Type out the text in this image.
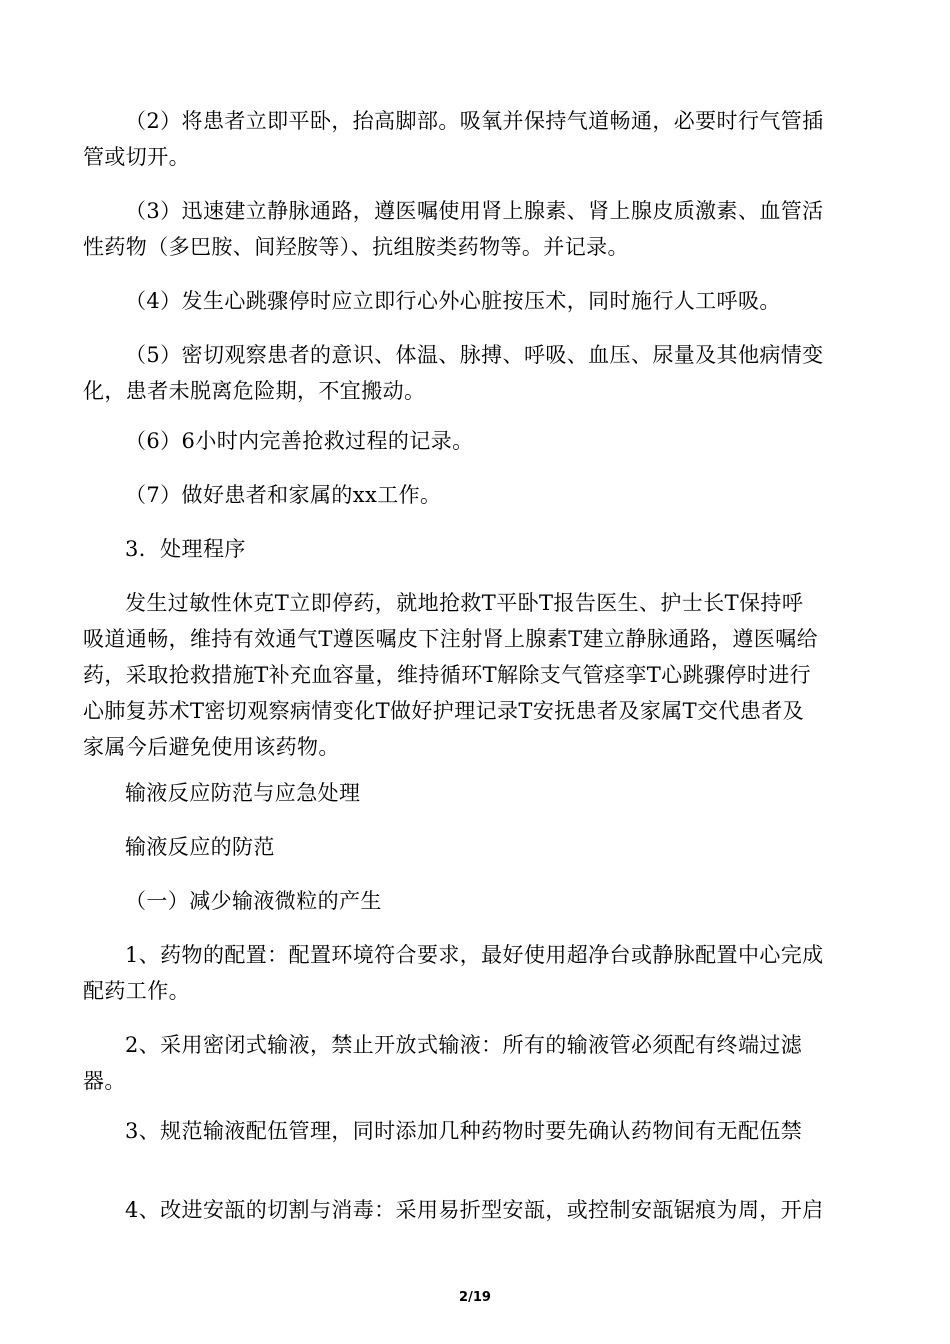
（2）将患者立即平卧，抬高脚部。吸氧并保持气道畅通，必要时行气管插
管或切开。

（3）迅速建立静脉通路，遵医嘱使用肾上腺素、肾上腺皮质激素、血管活
性药物（多巴胺、间羟胺等）、抗组胺类药物等。并记录。

（4）发生心跳骤停时应立即行心外心脏按压术，同时施行人工呼吸。

（5）密切观察患者的意识、体温、脉搏、呼吸、血压、尿量及其他病情变
化，患者未脱离危险期，不宜搬动。

（6）6小时内完善抢救过程的记录。

（7）做好患者和家属的xx工作。

3．处理程序

发生过敏性休克T立即停药，就地抢救T平卧T报告医生、护士长T保持呼
吸道通畅，维持有效通气T遵医嘱皮下注射肾上腺素T建立静脉通路，遵医嘱给
药，采取抢救措施T补充血容量，维持循环T解除支气管痉挛T心跳骤停时进行
心肺复苏术T密切观察病情变化T做好护理记录T安抚患者及家属T交代患者及
家属今后避免使用该药物。

输液反应防范与应急处理

输液反应的防范

（一）减少输液微粒的产生

1、药物的配置：配置环境符合要求，最好使用超净台或静脉配置中心完成
配药工作。

2、采用密闭式输液，禁止开放式输液：所有的输液管必须配有终端过滤
器。

3、规范输液配伍管理，同时添加几种药物时要先确认药物间有无配伍禁

4、改进安瓿的切割与消毒：采用易折型安瓿，或控制安瓿锯痕为周，开启

2/19
